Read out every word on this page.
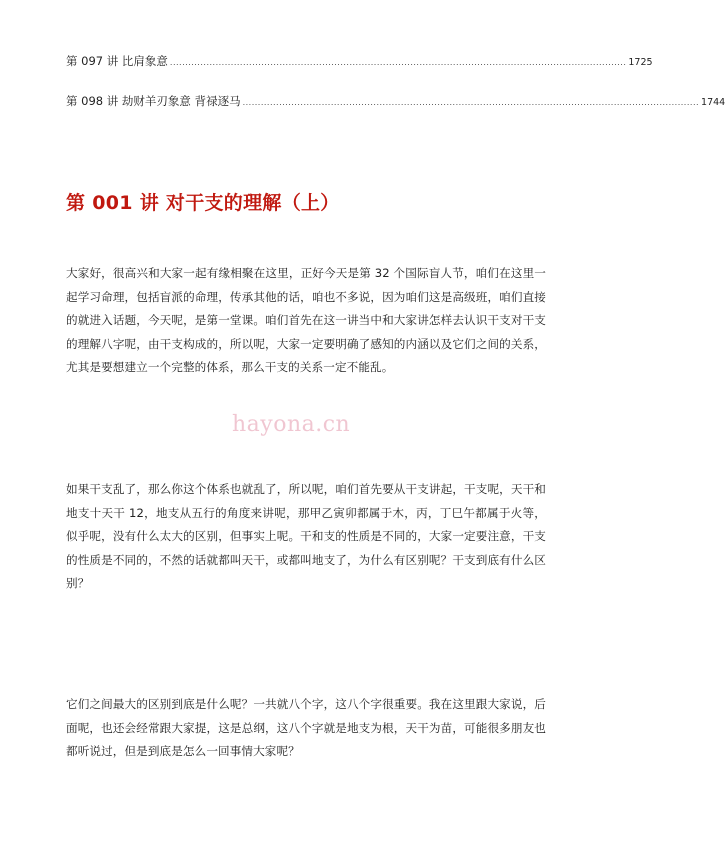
第 097 讲 比肩象意 ...................................................................................................................................................... 1725
第 098 讲 劫财羊刃象意 背禄逐马 ...................................................................................................................................................... 1744
第 001 讲 对干支的理解（上）

大家好，很高兴和大家一起有缘相聚在这里，正好今天是第 32 个国际盲人节，咱们在这里一起学习命理，包括盲派的命理，传承其他的话，咱也不多说，因为咱们这是高级班，咱们直接的就进入话题，今天呢，是第一堂课。咱们首先在这一讲当中和大家讲怎样去认识干支对干支的理解八字呢，由干支构成的，所以呢，大家一定要明确了感知的内涵以及它们之间的关系，尤其是要想建立一个完整的体系，那么干支的关系一定不能乱。

如果干支乱了，那么你这个体系也就乱了，所以呢，咱们首先要从干支讲起，干支呢，天干和地支十天干 12，地支从五行的角度来讲呢，那甲乙寅卯都属于木，丙，丁巳午都属于火等，似乎呢，没有什么太大的区别，但事实上呢。干和支的性质是不同的，大家一定要注意，干支的性质是不同的，不然的话就都叫天干，或都叫地支了，为什么有区别呢？干支到底有什么区别？

它们之间最大的区别到底是什么呢？一共就八个字，这八个字很重要。我在这里跟大家说，后面呢，也还会经常跟大家提，这是总纲，这八个字就是地支为根，天干为苗，可能很多朋友也都听说过，但是到底是怎么一回事情大家呢？

hayona.cn
